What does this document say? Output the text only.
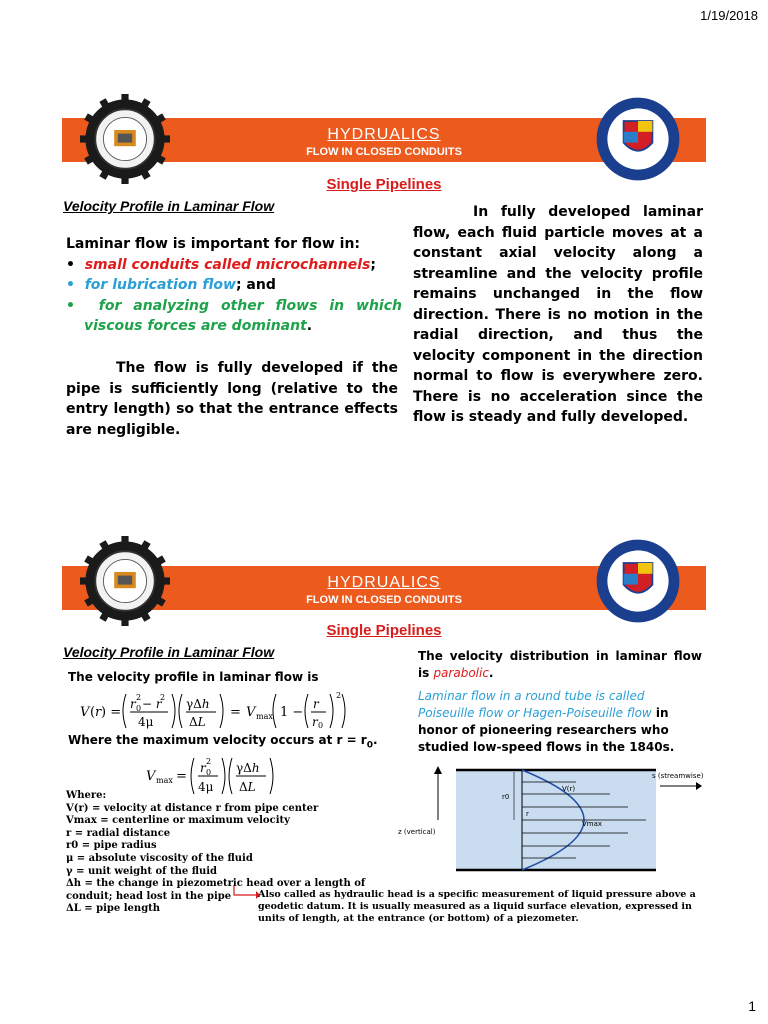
1/19/2018
HYDRUALICS
FLOW IN CLOSED CONDUITS
Single Pipelines
Velocity Profile in Laminar Flow
Laminar flow is important for flow in:
•  small conduits called microchannels;
• for lubrication flow; and
• for analyzing other flows in which viscous forces are dominant.
The flow is fully developed if the pipe is sufficiently long (relative to the entry length) so that the entrance effects are negligible.
In fully developed laminar flow, each fluid particle moves at a constant axial velocity along a streamline and the velocity profile remains unchanged in the flow direction. There is no motion in the radial direction, and thus the velocity component in the direction normal to flow is everywhere zero. There is no acceleration since the flow is steady and fully developed.
HYDRUALICS
FLOW IN CLOSED CONDUITS
Single Pipelines
Velocity Profile in Laminar Flow
The velocity profile in laminar flow is
V ( r ) =
r 2
0 − r
2
4μ
γΔh
ΔL
= V max 1 −
r
r 0
2
Where the maximum velocity occurs at $r = r_0$.
V max =
r 2
0
4μ
γΔh
ΔL
Where:
V(r) = velocity at distance r from pipe center
Vmax = centerline or maximum velocity
r = radial distance
r0 = pipe radius
μ = absolute viscosity of the fluid
γ = unit weight of the fluid
Δh = the change in piezometric head over a length of
conduit; head lost in the pipe
ΔL = pipe length
Also called as hydraulic head is a specific measurement of liquid pressure above a geodetic datum. It is usually measured as a liquid surface elevation, expressed in units of length, at the entrance (or bottom) of a piezometer.
The velocity distribution in laminar flow is parabolic.
Laminar flow in a round tube is called Poiseuille flow or Hagen-Poiseuille flow in honor of pioneering researchers who studied low-speed flows in the 1840s.
z (vertical)
V(r)
Vmax
r0
r
s (streamwise)
1
